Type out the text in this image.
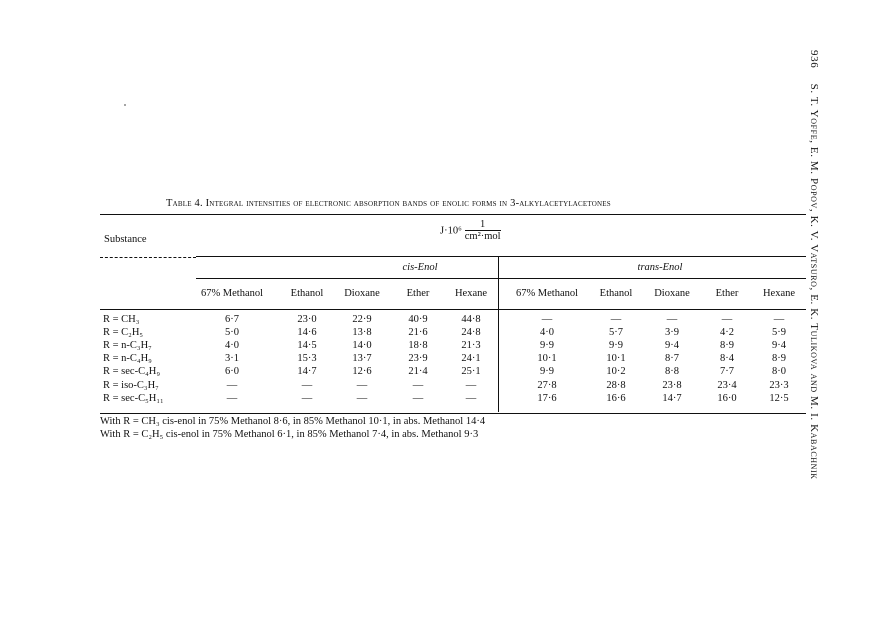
Table 4. Integral intensities of electronic absorption bands of enolic forms in 3-alkylacetylacetones
Substance
$J\cdot 10^6 \frac{1}{\text{cm²·mol}}$
cis-Enol	trans-Enol
67% Methanol	Ethanol	Dioxane	Ether	Hexane	67% Methanol	Ethanol	Dioxane	Ether	Hexane
R = CH₃	6·7	23·0	22·9	40·9	44·8	—	—	—	—	—
R = C₂H₅	5·0	14·6	13·8	21·6	24·8	4·0	5·7	3·9	4·2	5·9
R = n-C₃H₇	4·0	14·5	14·0	18·8	21·3	9·9	9·9	9·4	8·9	9·4
R = n-C₄H₉	3·1	15·3	13·7	23·9	24·1	10·1	10·1	8·7	8·4	8·9
R = sec-C₄H₉	6·0	14·7	12·6	21·4	25·1	9·9	10·2	8·8	7·7	8·0
R = iso-C₃H₇	—	—	—	—	—	27·8	28·8	23·8	23·4	23·3
R = sec-C₅H₁₁	—	—	—	—	—	17·6	16·6	14·7	16·0	12·5
With R = CH₃ cis-enol in 75% Methanol 8·6, in 85% Methanol 10·1, in abs. Methanol 14·4
With R = C₂H₅ cis-enol in 75% Methanol 6·1, in 85% Methanol 7·4, in abs. Methanol 9·3
936 S. T. Yoffe, E. M. Popov, K. V. Vatsuro, E. K. Tulikova and M. I. Kabachnik
